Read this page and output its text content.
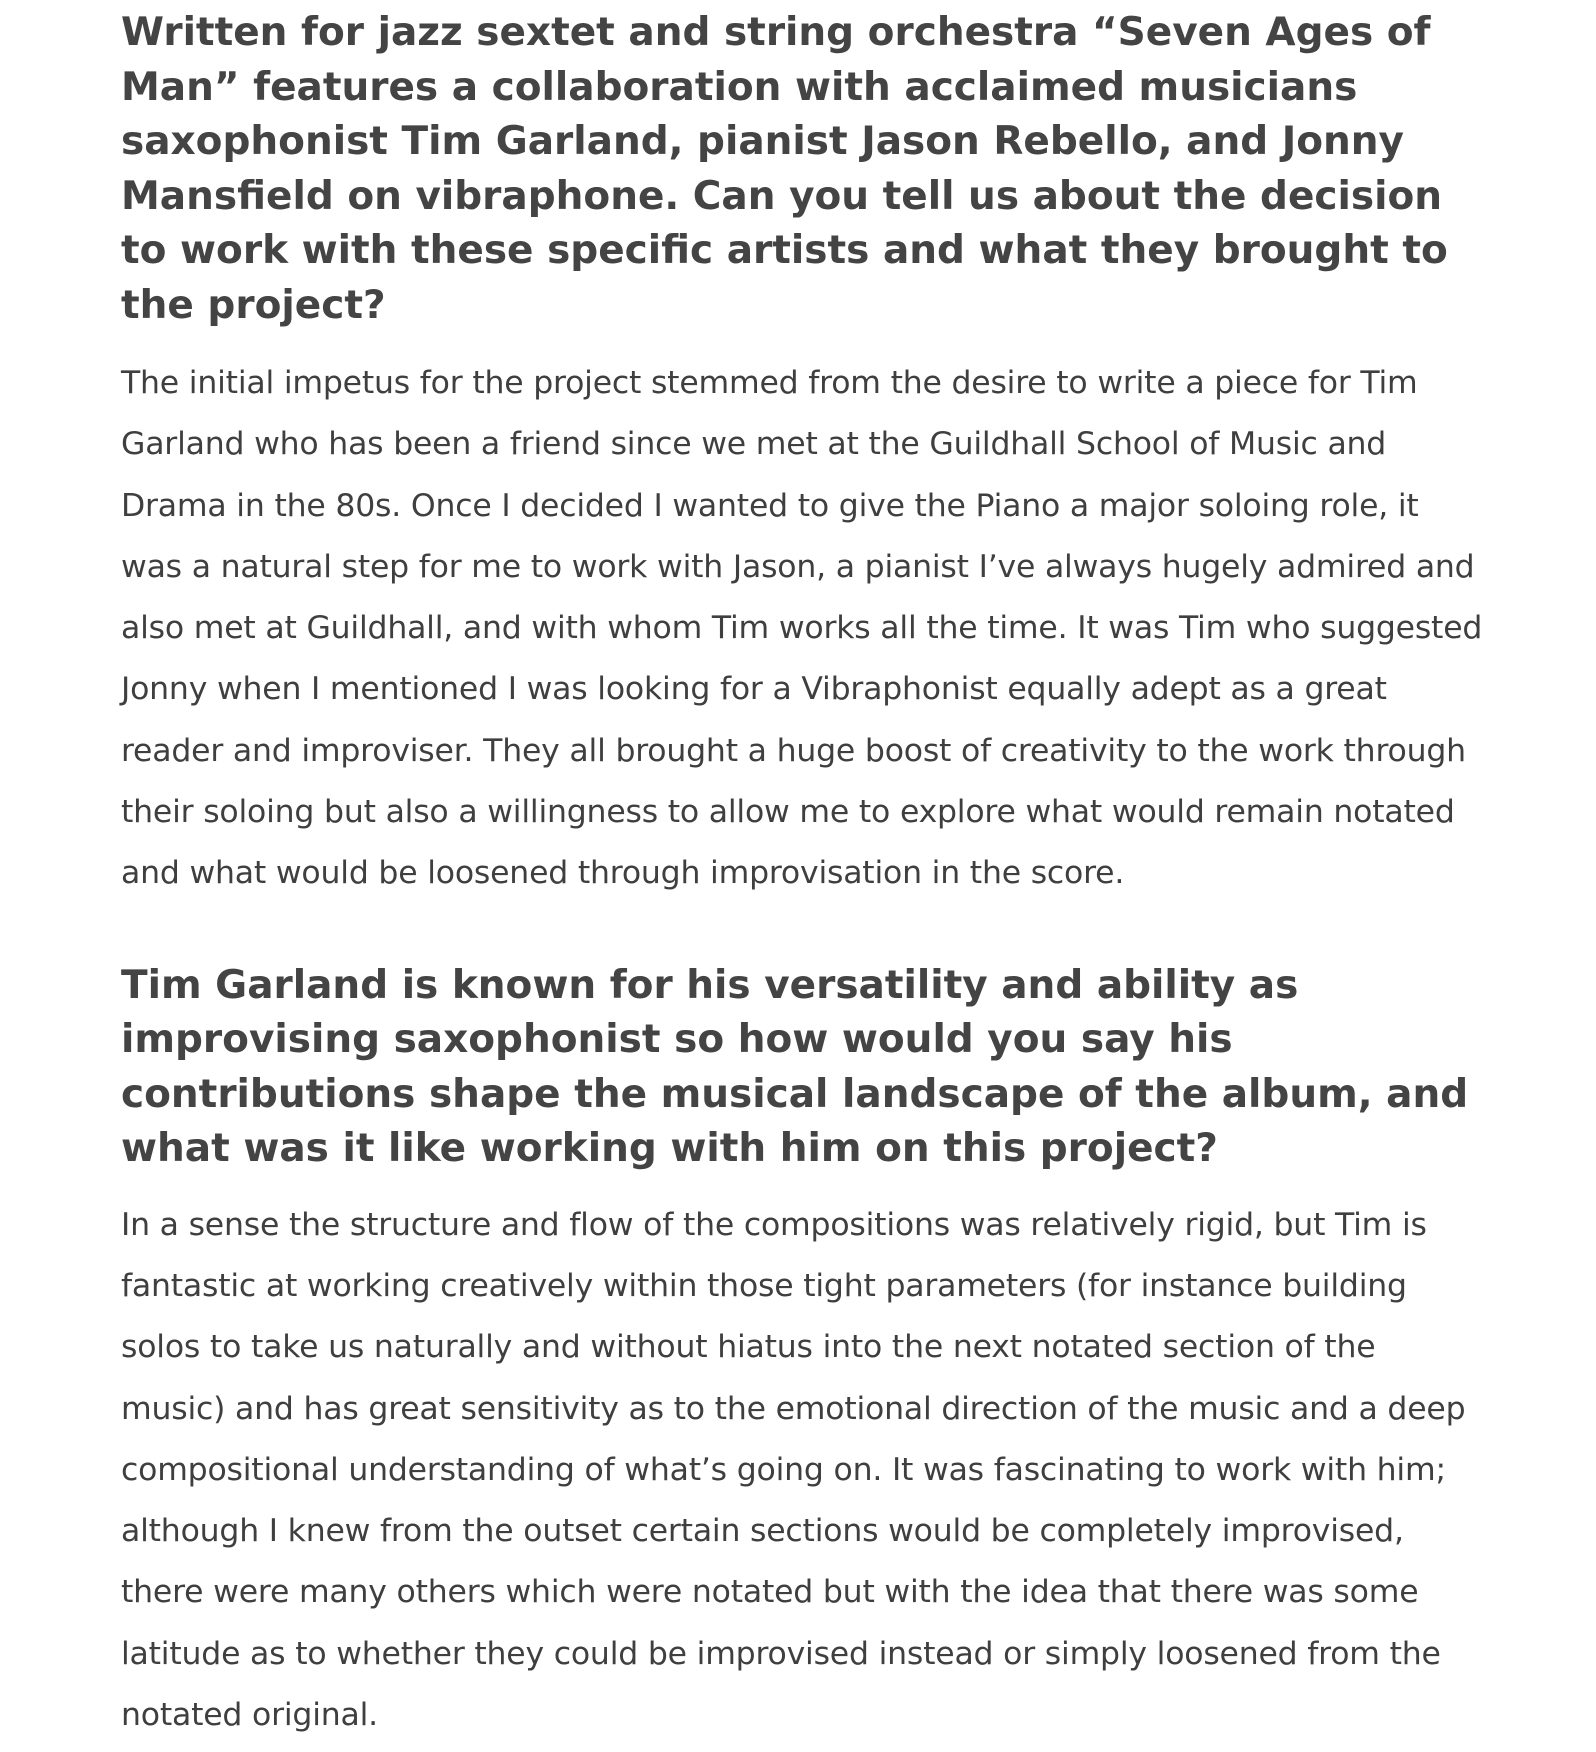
Written for jazz sextet and string orchestra “Seven Ages of Man” features a collaboration with acclaimed musicians saxophonist Tim Garland, pianist Jason Rebello, and Jonny Mansfield on vibraphone. Can you tell us about the decision to work with these specific artists and what they brought to the project?

The initial impetus for the project stemmed from the desire to write a piece for Tim Garland who has been a friend since we met at the Guildhall School of Music and Drama in the 80s. Once I decided I wanted to give the Piano a major soloing role, it was a natural step for me to work with Jason, a pianist I’ve always hugely admired and also met at Guildhall, and with whom Tim works all the time. It was Tim who suggested Jonny when I mentioned I was looking for a Vibraphonist equally adept as a great reader and improviser. They all brought a huge boost of creativity to the work through their soloing but also a willingness to allow me to explore what would remain notated and what would be loosened through improvisation in the score.

Tim Garland is known for his versatility and ability as improvising saxophonist so how would you say his contributions shape the musical landscape of the album, and what was it like working with him on this project?

In a sense the structure and flow of the compositions was relatively rigid, but Tim is fantastic at working creatively within those tight parameters (for instance building solos to take us naturally and without hiatus into the next notated section of the music) and has great sensitivity as to the emotional direction of the music and a deep compositional understanding of what’s going on. It was fascinating to work with him; although I knew from the outset certain sections would be completely improvised, there were many others which were notated but with the idea that there was some latitude as to whether they could be improvised instead or simply loosened from the notated original.
